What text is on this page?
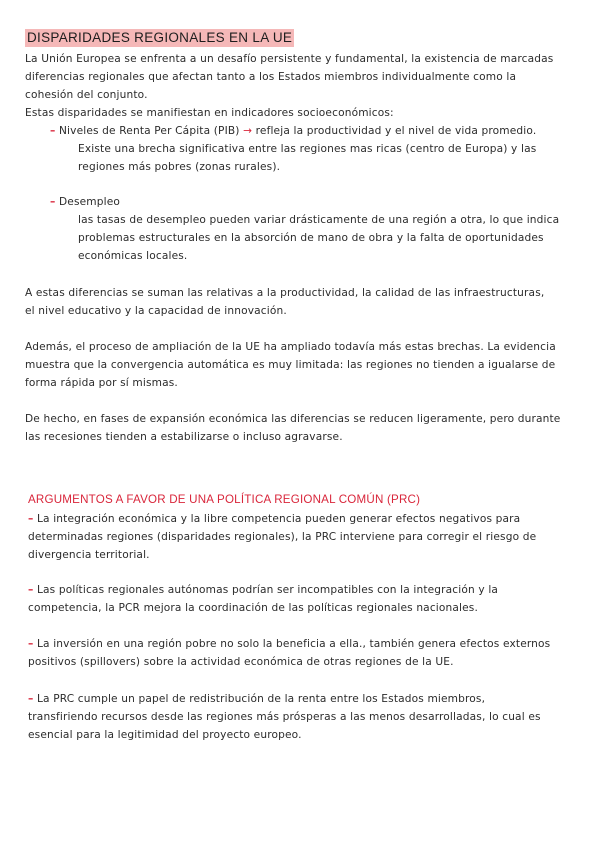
DISPARIDADES REGIONALES EN LA UE
La Unión Europea se enfrenta a un desafío persistente y fundamental, la existencia de marcadas
diferencias regionales que afectan tanto a los Estados miembros individualmente como la
cohesión del conjunto.
Estas disparidades se manifiestan en indicadores socioeconómicos:
– Niveles de Renta Per Cápita (PIB) → refleja la productividad y el nivel de vida promedio.
Existe una brecha significativa entre las regiones mas ricas (centro de Europa) y las
regiones más pobres (zonas rurales).
– Desempleo
las tasas de desempleo pueden variar drásticamente de una región a otra, lo que indica
problemas estructurales en la absorción de mano de obra y la falta de oportunidades
económicas locales.
A estas diferencias se suman las relativas a la productividad, la calidad de las infraestructuras,
el nivel educativo y la capacidad de innovación.
Además, el proceso de ampliación de la UE ha ampliado todavía más estas brechas. La evidencia
muestra que la convergencia automática es muy limitada: las regiones no tienden a igualarse de
forma rápida por sí mismas.
De hecho, en fases de expansión económica las diferencias se reducen ligeramente, pero durante
las recesiones tienden a estabilizarse o incluso agravarse.
ARGUMENTOS A FAVOR DE UNA POLÍTICA REGIONAL COMÚN (PRC)
– La integración económica y la libre competencia pueden generar efectos negativos para
determinadas regiones (disparidades regionales), la PRC interviene para corregir el riesgo de
divergencia territorial.
– Las políticas regionales autónomas podrían ser incompatibles con la integración y la
competencia, la PCR mejora la coordinación de las políticas regionales nacionales.
– La inversión en una región pobre no solo la beneficia a ella., también genera efectos externos
positivos (spillovers) sobre la actividad económica de otras regiones de la UE.
– La PRC cumple un papel de redistribución de la renta entre los Estados miembros,
transfiriendo recursos desde las regiones más prósperas a las menos desarrolladas, lo cual es
esencial para la legitimidad del proyecto europeo.
